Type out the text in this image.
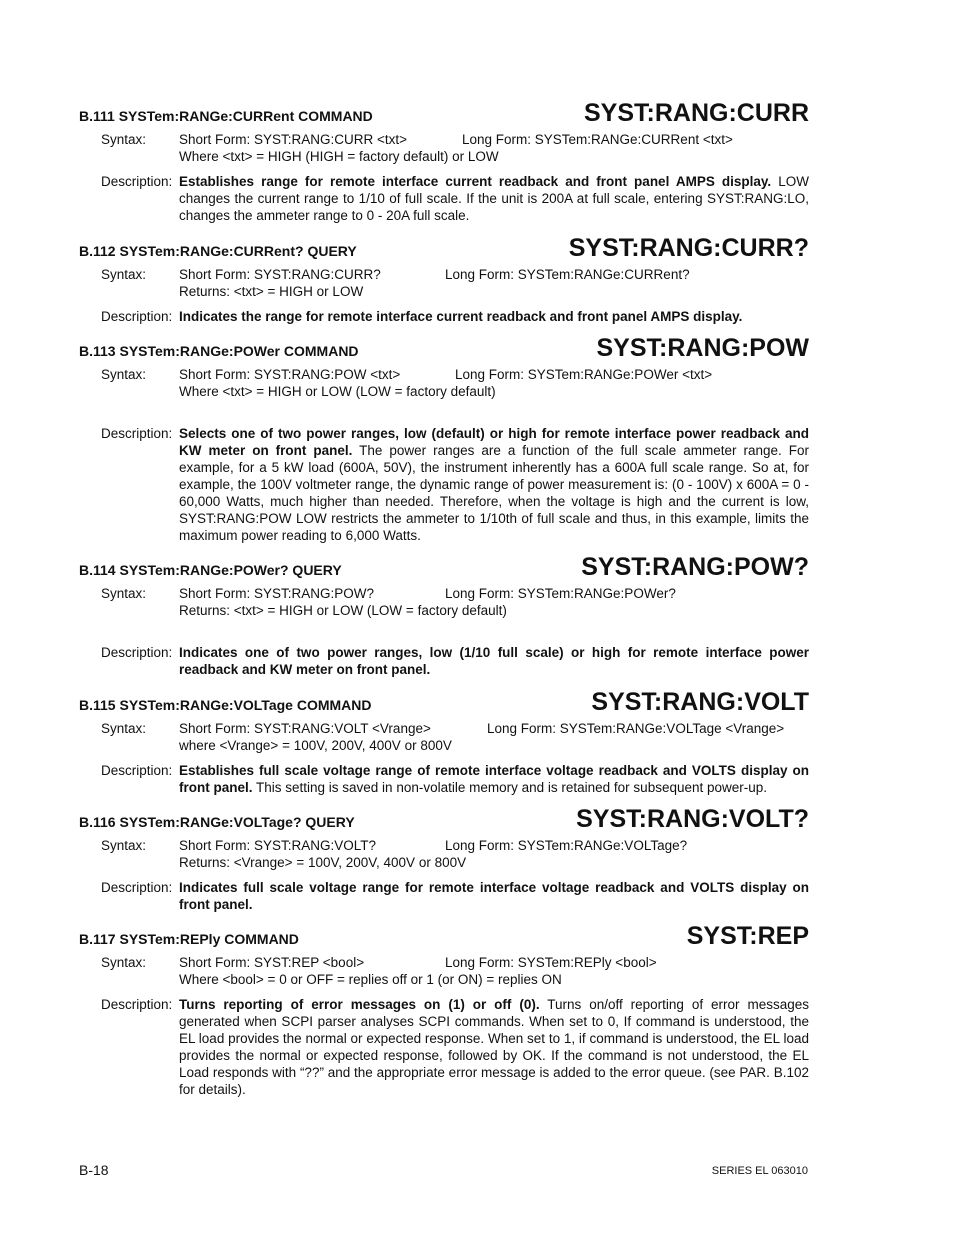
B.111 SYSTem:RANGe:CURRent COMMAND	SYST:RANG:CURR
Syntax: Short Form: SYST:RANG:CURR <txt>	Long Form: SYSTem:RANGe:CURRent <txt>
Where <txt> = HIGH (HIGH = factory default) or LOW
Description: Establishes range for remote interface current readback and front panel AMPS display. LOW changes the current range to 1/10 of full scale. If the unit is 200A at full scale, entering SYST:RANG:LO, changes the ammeter range to 0 - 20A full scale.
B.112 SYSTem:RANGe:CURRent? QUERY	SYST:RANG:CURR?
Syntax: Short Form: SYST:RANG:CURR?	Long Form: SYSTem:RANGe:CURRent?
Returns: <txt> = HIGH or LOW
Description: Indicates the range for remote interface current readback and front panel AMPS display.
B.113 SYSTem:RANGe:POWer COMMAND	SYST:RANG:POW
Syntax: Short Form: SYST:RANG:POW <txt>	Long Form: SYSTem:RANGe:POWer <txt>
Where <txt> = HIGH or LOW (LOW = factory default)
Description: Selects one of two power ranges, low (default) or high for remote interface power readback and KW meter on front panel. The power ranges are a function of the full scale ammeter range. For example, for a 5 kW load (600A, 50V), the instrument inherently has a 600A full scale range. So at, for example, the 100V voltmeter range, the dynamic range of power measurement is: (0 - 100V) x 600A = 0 - 60,000 Watts, much higher than needed. Therefore, when the voltage is high and the current is low, SYST:RANG:POW LOW restricts the ammeter to 1/10th of full scale and thus, in this example, limits the maximum power reading to 6,000 Watts.
B.114 SYSTem:RANGe:POWer? QUERY	SYST:RANG:POW?
Syntax: Short Form: SYST:RANG:POW?	Long Form: SYSTem:RANGe:POWer?
Returns: <txt> = HIGH or LOW (LOW = factory default)
Description: Indicates one of two power ranges, low (1/10 full scale) or high for remote interface power readback and KW meter on front panel.
B.115 SYSTem:RANGe:VOLTage COMMAND	SYST:RANG:VOLT
Syntax: Short Form: SYST:RANG:VOLT <Vrange>	Long Form: SYSTem:RANGe:VOLTage <Vrange>
where <Vrange> = 100V, 200V, 400V or 800V
Description: Establishes full scale voltage range of remote interface voltage readback and VOLTS display on front panel. This setting is saved in non-volatile memory and is retained for subsequent power-up.
B.116 SYSTem:RANGe:VOLTage? QUERY	SYST:RANG:VOLT?
Syntax: Short Form: SYST:RANG:VOLT?	Long Form: SYSTem:RANGe:VOLTage?
Returns: <Vrange> = 100V, 200V, 400V or 800V
Description: Indicates full scale voltage range for remote interface voltage readback and VOLTS display on front panel.
B.117 SYSTem:REPly COMMAND	SYST:REP
Syntax: Short Form: SYST:REP <bool>	Long Form: SYSTem:REPly <bool>
Where <bool> = 0 or OFF = replies off or 1 (or ON) = replies ON
Description: Turns reporting of error messages on (1) or off (0). Turns on/off reporting of error messages generated when SCPI parser analyses SCPI commands. When set to 0, If command is understood, the EL load provides the normal or expected response. When set to 1, if command is understood, the EL load provides the normal or expected response, followed by OK. If the command is not understood, the EL Load responds with “??” and the appropriate error message is added to the error queue. (see PAR. B.102 for details).
B-18	SERIES EL 063010
